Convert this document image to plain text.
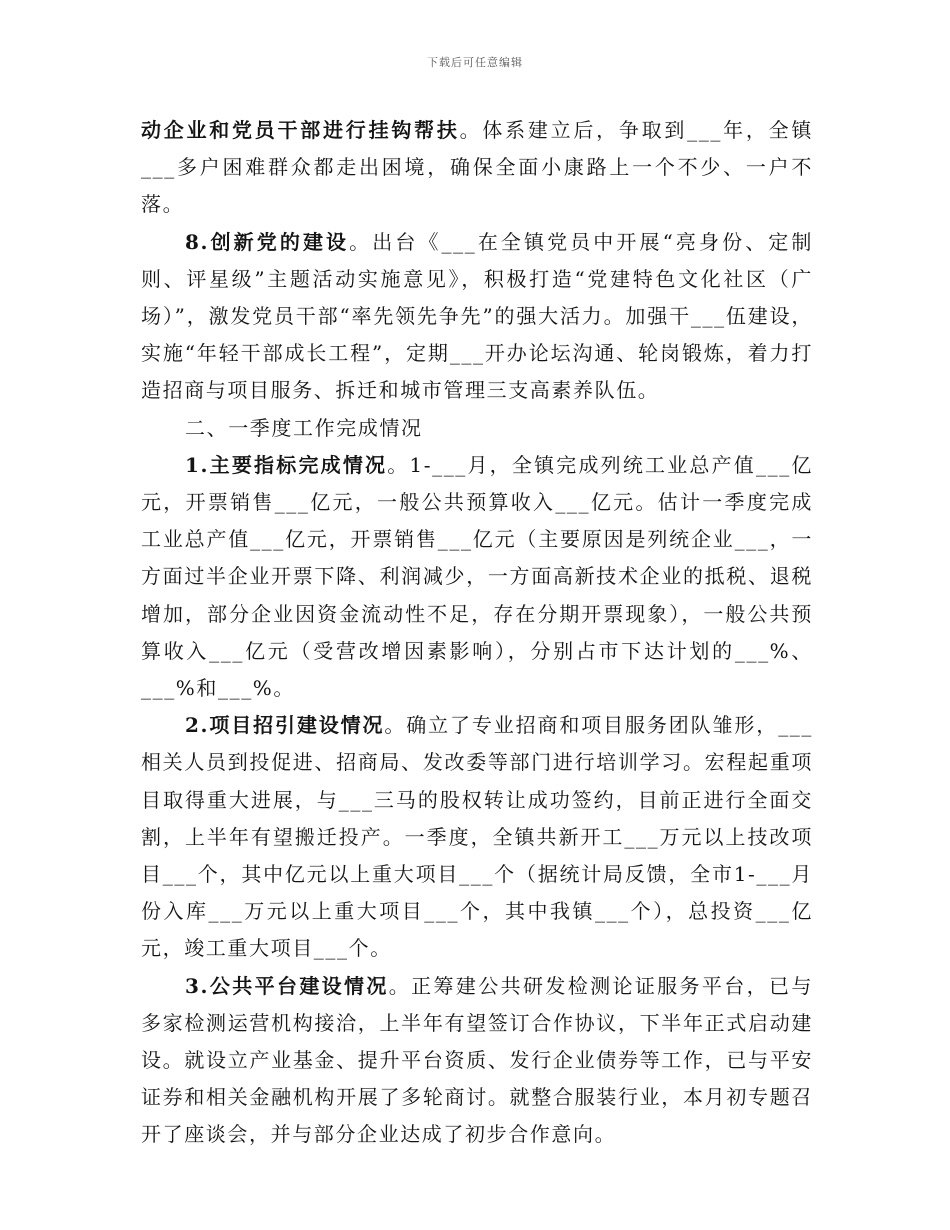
下载后可任意编辑

动企业和党员干部进行挂钩帮扶。体系建立后，争取到___年，全镇___多户困难群众都走出困境，确保全面小康路上一个不少、一户不落。

8.创新党的建设。出台《___在全镇党员中开展“亮身份、定制则、评星级”主题活动实施意见》，积极打造“党建特色文化社区（广场）”，激发党员干部“率先领先争先”的强大活力。加强干___伍建设，实施“年轻干部成长工程”，定期___开办论坛沟通、轮岗锻炼，着力打造招商与项目服务、拆迁和城市管理三支高素养队伍。

二、一季度工作完成情况

1.主要指标完成情况。1-___月，全镇完成列统工业总产值___亿元，开票销售___亿元，一般公共预算收入___亿元。估计一季度完成工业总产值___亿元，开票销售___亿元（主要原因是列统企业___，一方面过半企业开票下降、利润减少，一方面高新技术企业的抵税、退税增加，部分企业因资金流动性不足，存在分期开票现象），一般公共预算收入___亿元（受营改增因素影响），分别占市下达计划的___%、___%和___%。

2.项目招引建设情况。确立了专业招商和项目服务团队雏形，___相关人员到投促进、招商局、发改委等部门进行培训学习。宏程起重项目取得重大进展，与___三马的股权转让成功签约，目前正进行全面交割，上半年有望搬迁投产。一季度，全镇共新开工___万元以上技改项目___个，其中亿元以上重大项目___个（据统计局反馈，全市1-___月份入库___万元以上重大项目___个，其中我镇___个），总投资___亿元，竣工重大项目___个。

3.公共平台建设情况。正筹建公共研发检测论证服务平台，已与多家检测运营机构接洽，上半年有望签订合作协议，下半年正式启动建设。就设立产业基金、提升平台资质、发行企业债券等工作，已与平安证券和相关金融机构开展了多轮商讨。就整合服装行业，本月初专题召开了座谈会，并与部分企业达成了初步合作意向。
